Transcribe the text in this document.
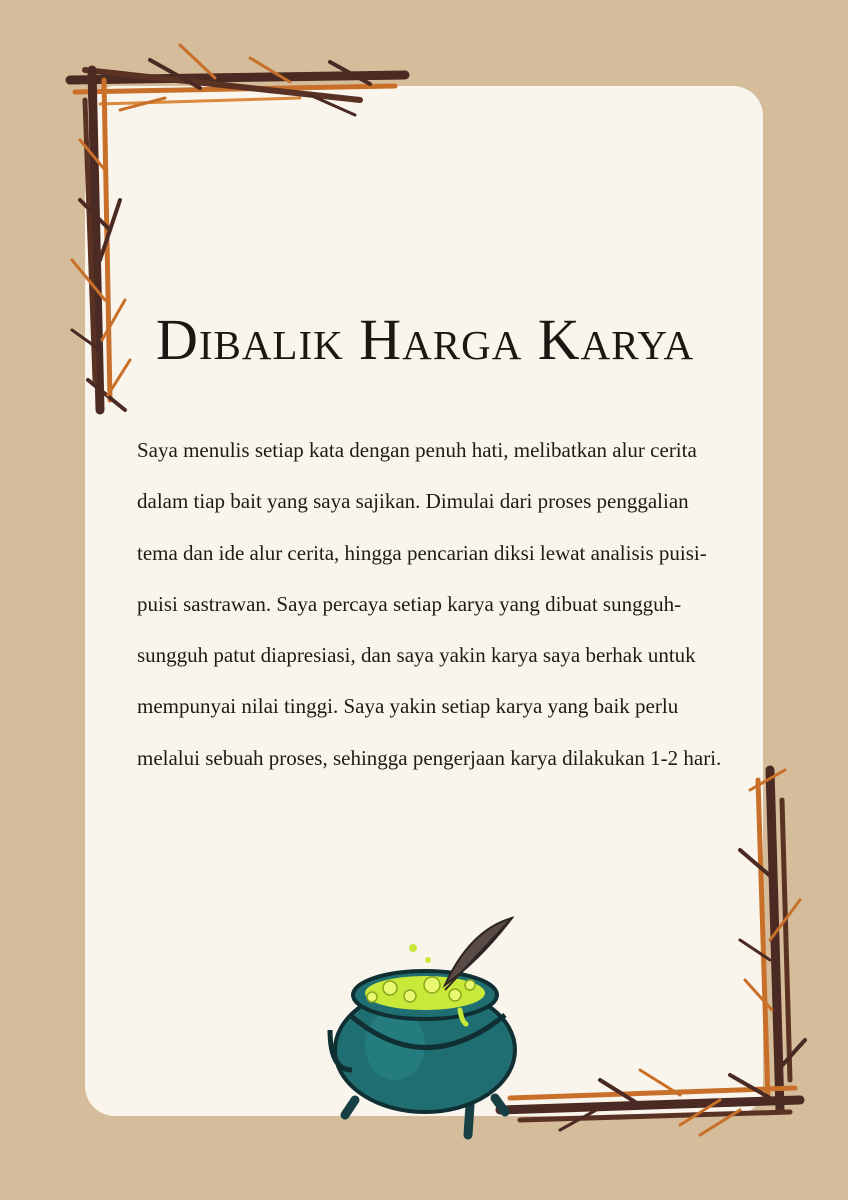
Dibalik Harga Karya

Saya menulis setiap kata dengan penuh hati, melibatkan alur cerita dalam tiap bait yang saya sajikan. Dimulai dari proses penggalian tema dan ide alur cerita, hingga pencarian diksi lewat analisis puisi-puisi sastrawan. Saya percaya setiap karya yang dibuat sungguh-sungguh patut diapresiasi, dan saya yakin karya saya berhak untuk mempunyai nilai tinggi. Saya yakin setiap karya yang baik perlu melalui sebuah proses, sehingga pengerjaan karya dilakukan 1-2 hari.
